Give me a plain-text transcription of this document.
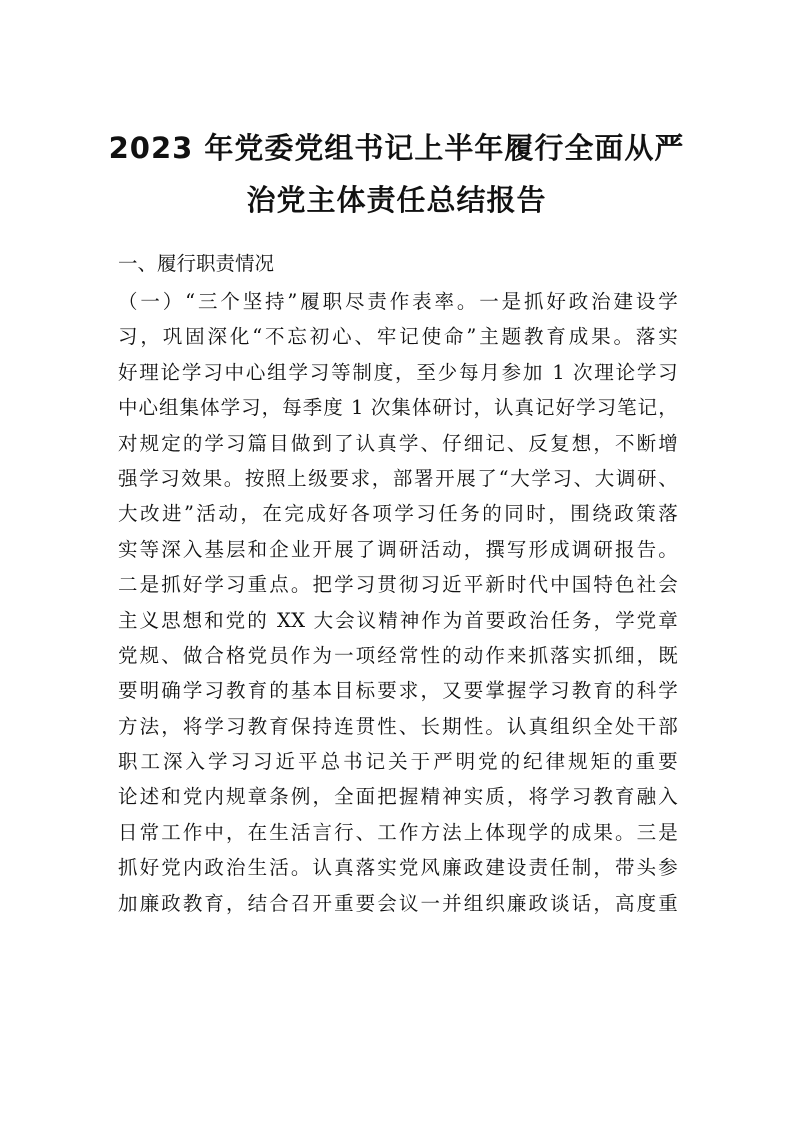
2023 年党委党组书记上半年履行全面从严
治党主体责任总结报告
一、履行职责情况
（一）“三个坚持”履职尽责作表率。一是抓好政治建设学
习，巩固深化“不忘初心、牢记使命”主题教育成果。落实
好理论学习中心组学习等制度，至少每月参加 1 次理论学习
中心组集体学习，每季度 1 次集体研讨，认真记好学习笔记，
对规定的学习篇目做到了认真学、仔细记、反复想，不断增
强学习效果。按照上级要求，部署开展了“大学习、大调研、
大改进”活动，在完成好各项学习任务的同时，围绕政策落
实等深入基层和企业开展了调研活动，撰写形成调研报告。
二是抓好学习重点。把学习贯彻习近平新时代中国特色社会
主义思想和党的 XX 大会议精神作为首要政治任务，学党章
党规、做合格党员作为一项经常性的动作来抓落实抓细，既
要明确学习教育的基本目标要求，又要掌握学习教育的科学
方法，将学习教育保持连贯性、长期性。认真组织全处干部
职工深入学习习近平总书记关于严明党的纪律规矩的重要
论述和党内规章条例，全面把握精神实质，将学习教育融入
日常工作中，在生活言行、工作方法上体现学的成果。三是
抓好党内政治生活。认真落实党风廉政建设责任制，带头参
加廉政教育，结合召开重要会议一并组织廉政谈话，高度重
